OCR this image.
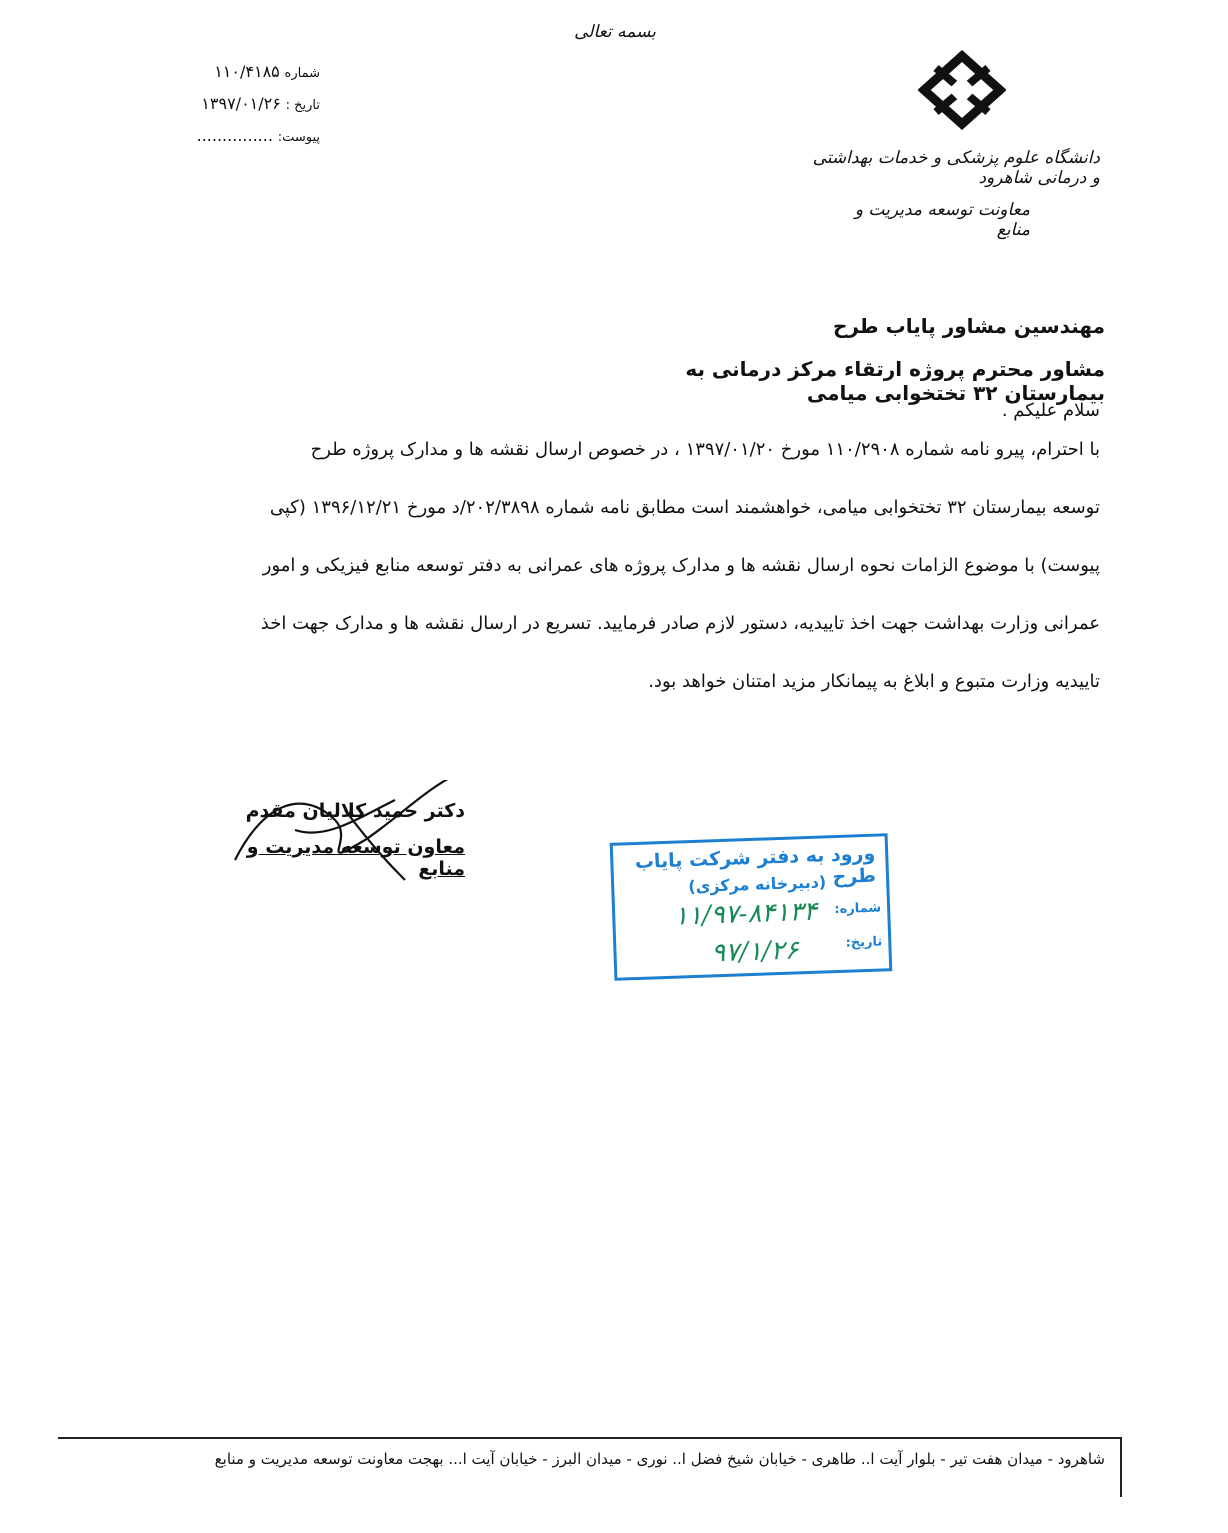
بسمه تعالی
شماره ۱۱۰/۴۱۸۵
تاریخ : ۱۳۹۷/۰۱/۲۶
پیوست: ...............
دانشگاه علوم پزشکی و خدمات بهداشتی و درمانی شاهرود
معاونت توسعه مدیریت و منابع
مهندسین مشاور پایاب طرح
مشاور محترم پروژه ارتقاء مرکز درمانی به بیمارستان ۳۲ تختخوابی میامی
سلام علیکم .
با احترام، پیرو نامه شماره ۱۱۰/۲۹۰۸ مورخ ۱۳۹۷/۰۱/۲۰ ، در خصوص ارسال نقشه ها و مدارک پروژه طرح
توسعه بیمارستان ۳۲ تختخوابی میامی، خواهشمند است مطابق نامه شماره ۲۰۲/۳۸۹۸/د مورخ ۱۳۹۶/۱۲/۲۱ (کپی
پیوست) با موضوع الزامات نحوه ارسال نقشه ها و مدارک پروژه های عمرانی به دفتر توسعه منابع فیزیکی و امور
عمرانی وزارت بهداشت جهت اخذ تاییدیه، دستور لازم صادر فرمایید. تسریع در ارسال نقشه ها و مدارک جهت اخذ
تاییدیه وزارت متبوع و ابلاغ به پیمانکار مزید امتنان خواهد بود.
دکتر حمید کلالیان مقدم
معاون توسعه مدیریت و منابع	ورود به دفتر شرکت پایاب طرح
(دبیرخانه مرکزی)
شماره:
۱۱/۹۷-۸۴۱۳۴
تاریخ:
۹۷/۱/۲۶
شاهرود - میدان هفت تیر - بلوار آیت ا.. طاهری - خیابان شیخ فضل ا.. نوری - میدان البرز - خیابان آیت ا... بهجت معاونت توسعه مدیریت و منابع
